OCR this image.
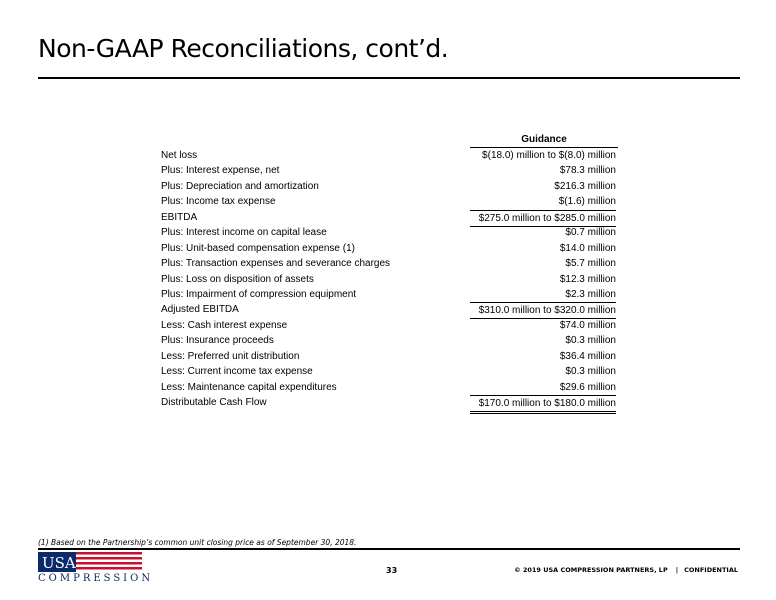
Non-GAAP Reconciliations, cont’d.
Guidance
Net loss	$(18.0) million to $(8.0) million
Plus: Interest expense, net	$78.3 million
Plus: Depreciation and amortization	$216.3 million
Plus: Income tax expense	$(1.6) million
EBITDA	$275.0 million to $285.0 million
Plus: Interest income on capital lease	$0.7 million
Plus: Unit-based compensation expense (1)	$14.0 million
Plus: Transaction expenses and severance charges	$5.7 million
Plus: Loss on disposition of assets	$12.3 million
Plus: Impairment of compression equipment	$2.3 million
Adjusted EBITDA	$310.0 million to $320.0 million
Less: Cash interest expense	$74.0 million
Plus: Insurance proceeds	$0.3 million
Less: Preferred unit distribution	$36.4 million
Less: Current income tax expense	$0.3 million
Less: Maintenance capital expenditures	$29.6 million
Distributable Cash Flow	$170.0 million to $180.0 million
(1) Based on the Partnership’s common unit closing price as of September 30, 2018.
USA
COMPRESSION
33	© 2019 USA COMPRESSION PARTNERS, LP | CONFIDENTIAL
